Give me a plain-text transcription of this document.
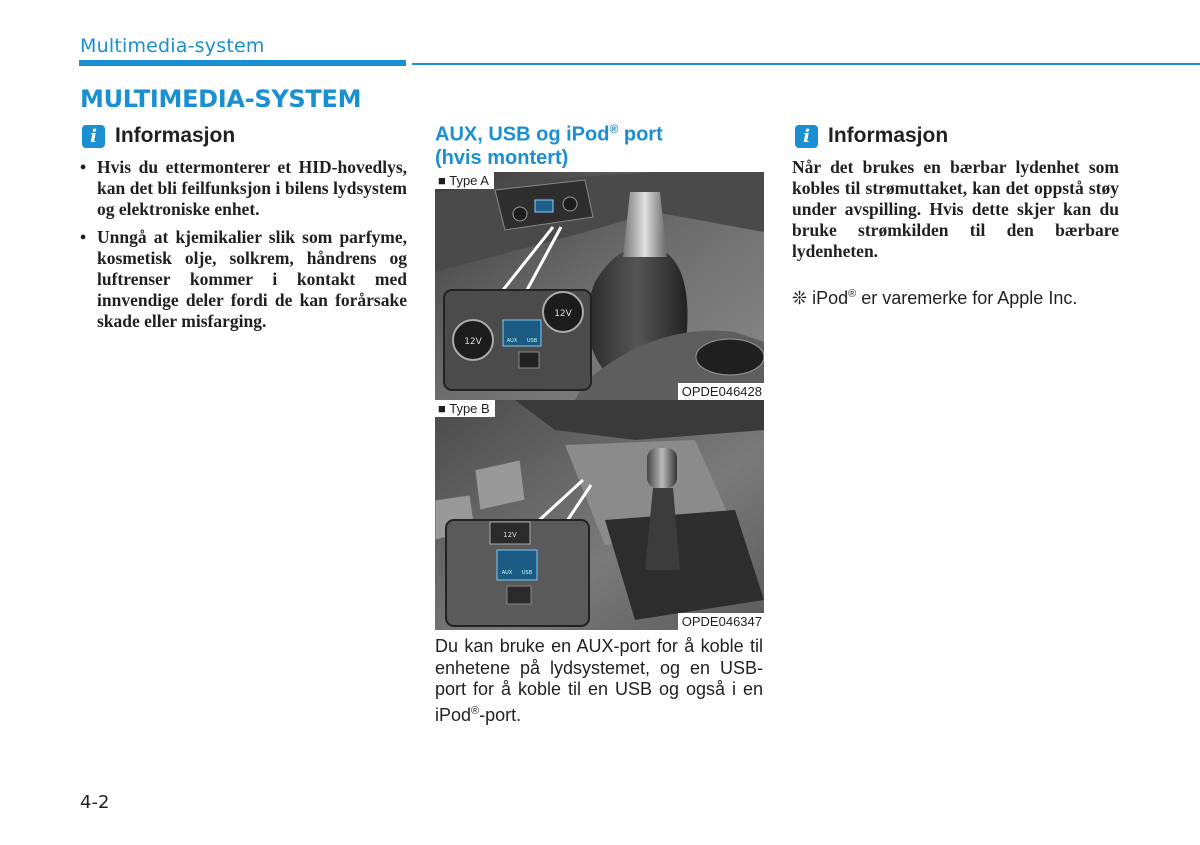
Multimedia-system
MULTIMEDIA-SYSTEM
i Informasjon
• Hvis du ettermonterer et HID-hovedlys, kan det bli feilfunksjon i bilens lydsystem og elektroniske enhet.
• Unngå at kjemikalier slik som parfyme, kosmetisk olje, solkrem, håndrens og luftrenser kommer i kontakt med innvendige deler fordi de kan forårsake skade eller misfarging.
AUX, USB og iPod® port
(hvis montert)
12V	AUX USB
12V
■ Type A
OPDE046428
12V
AUX USB
■ Type B
OPDE046347
Du kan bruke en AUX-port for å koble til enhetene på lydsystemet, og en USB-port for å koble til en USB og også i en iPod®-port.
i Informasjon
Når det brukes en bærbar lydenhet som kobles til strømuttaket, kan det oppstå støy under avspilling. Hvis dette skjer kan du bruke strømkilden til den bærbare lydenheten.
❊ iPod® er varemerke for Apple Inc.
4-2
